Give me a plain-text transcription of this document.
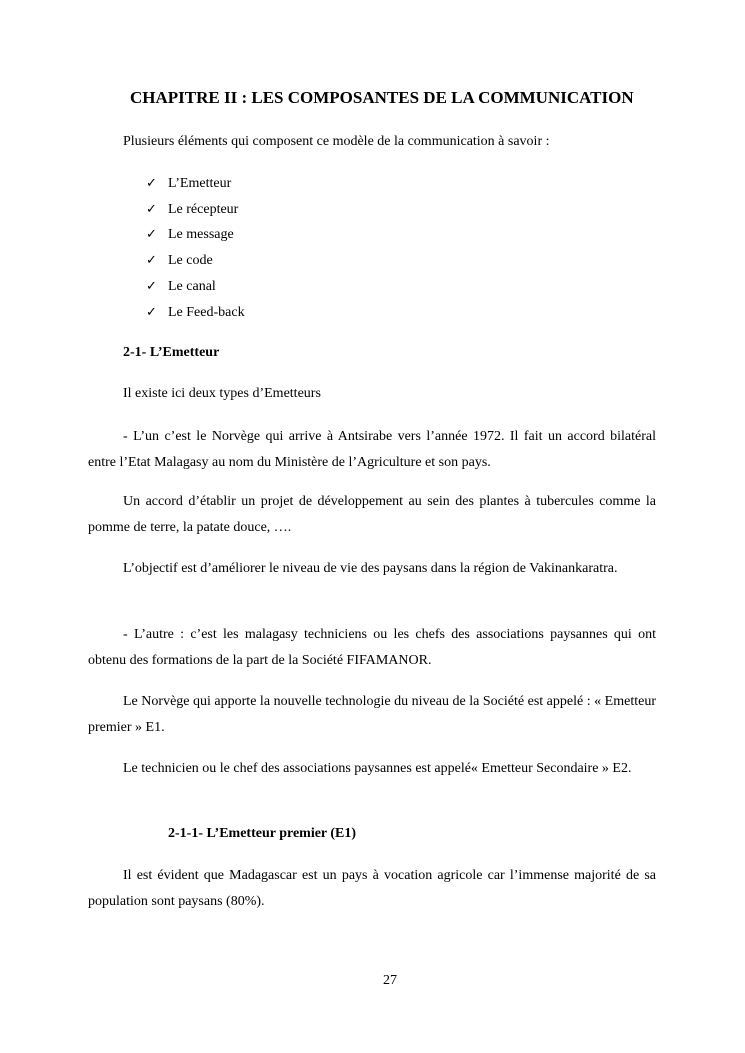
CHAPITRE II : LES COMPOSANTES DE LA COMMUNICATION
Plusieurs éléments qui composent ce modèle de la communication à savoir :
✓ L’Emetteur
✓ Le récepteur
✓ Le message
✓ Le code
✓ Le canal
✓ Le Feed-back
2-1- L’Emetteur
Il existe ici deux types d’Emetteurs
- L’un c’est le Norvège qui arrive à Antsirabe vers l’année 1972. Il fait un accord bilatéral entre l’Etat Malagasy au nom du Ministère de l’Agriculture et son pays.
Un accord d’établir un projet de développement au sein des plantes à tubercules comme la pomme de terre, la patate douce, ….
L’objectif est d’améliorer le niveau de vie des paysans dans la région de Vakinankaratra.
- L’autre : c’est les malagasy techniciens ou les chefs des associations paysannes qui ont obtenu des formations de la part de la Société FIFAMANOR.
Le Norvège qui apporte la nouvelle technologie du niveau de la Société est appelé : « Emetteur premier » E1.
Le technicien ou le chef des associations paysannes est appelé« Emetteur Secondaire » E2.
2-1-1- L’Emetteur premier (E1)
Il est évident que Madagascar est un pays à vocation agricole car l’immense majorité de sa population sont paysans (80%).
27
